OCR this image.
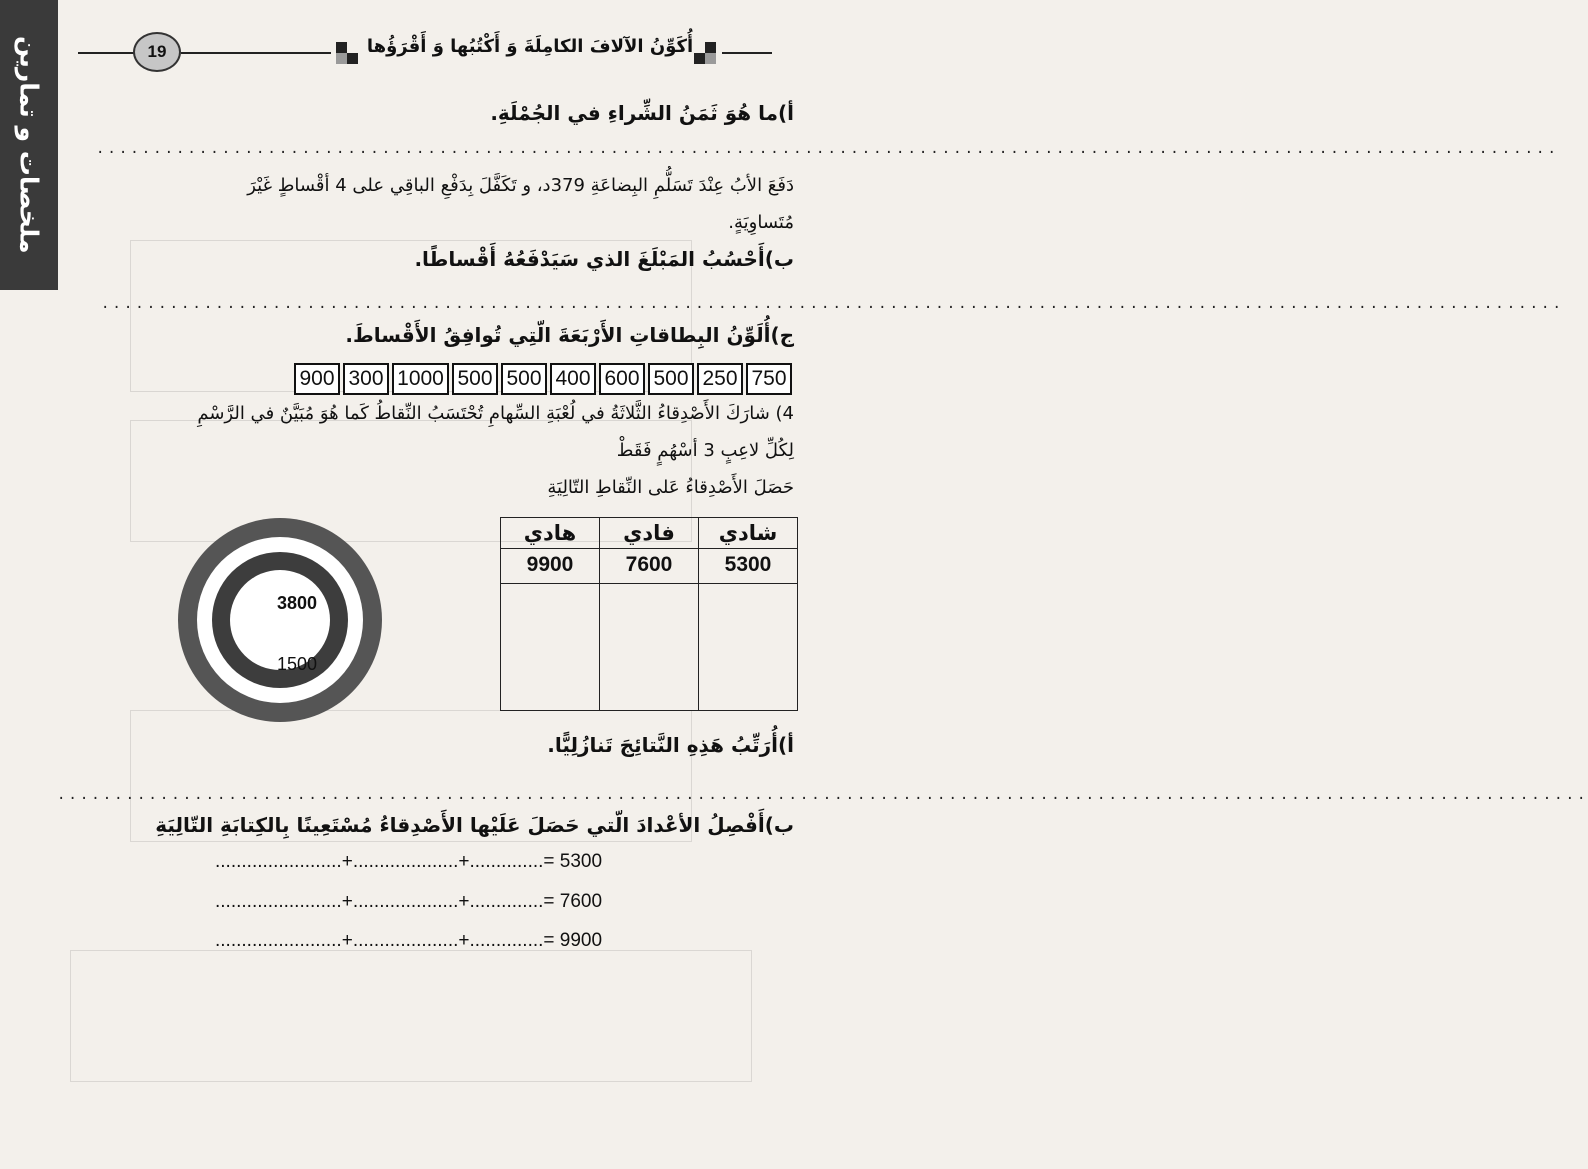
ملخصات و تمارين	19	أُكَوِّنُ الآلافَ الكامِلَةَ وَ أَكْتُبُها وَ أَقْرَؤُها
أ)ما هُوَ ثَمَنُ الشِّراءِ في الجُمْلَةِ.
................................................................................................................................
دَفَعَ الأبُ عِنْدَ تَسَلُّمِ البِضاعَةِ 379د، و تَكَفَّلَ بِدَفْعِ الباقِي على 4 أقْساطٍ غَيْرَ
مُتَساوِيَةٍ.
ب)أَحْسُبُ المَبْلَغَ الذي سَيَدْفَعُهُ أَقْساطًا.
................................................................................................................................
ج)أُلَوِّنُ البِطاقاتِ الأَرْبَعَةَ الّتِي تُوافِقُ الأَقْساطَ.
750
250
500
600
400
500
500
1000
300
900
4) شارَكَ الأَصْدِقاءُ الثَّلاثَةُ في لُعْبَةِ السِّهامِ تُحْتَسَبُ النِّقاطُ كَما هُوَ مُبَيَّنٌ في الرَّسْمِ
لِكُلِّ لاعِبٍ 3 أسْهُمٍ فَقَطْ
حَصَلَ الأَصْدِقاءُ عَلى النِّقاطِ التّالِيَةِ
3800
2300
1500
شادي	فادي	هادي
5300	7600	9900

أ)أُرَتِّبُ هَذِهِ النَّتائِجَ تَنازُلِيًّا.
......................................................................................................................................
ب)أَفْصِلُ الأعْدادَ الّتي حَصَلَ عَلَيْها الأَصْدِقاءُ مُسْتَعِينًا بِالكِتابَةِ التّالِيَةِ
........................+....................+..............= 5300
........................+....................+..............= 7600
........................+....................+..............= 9900
